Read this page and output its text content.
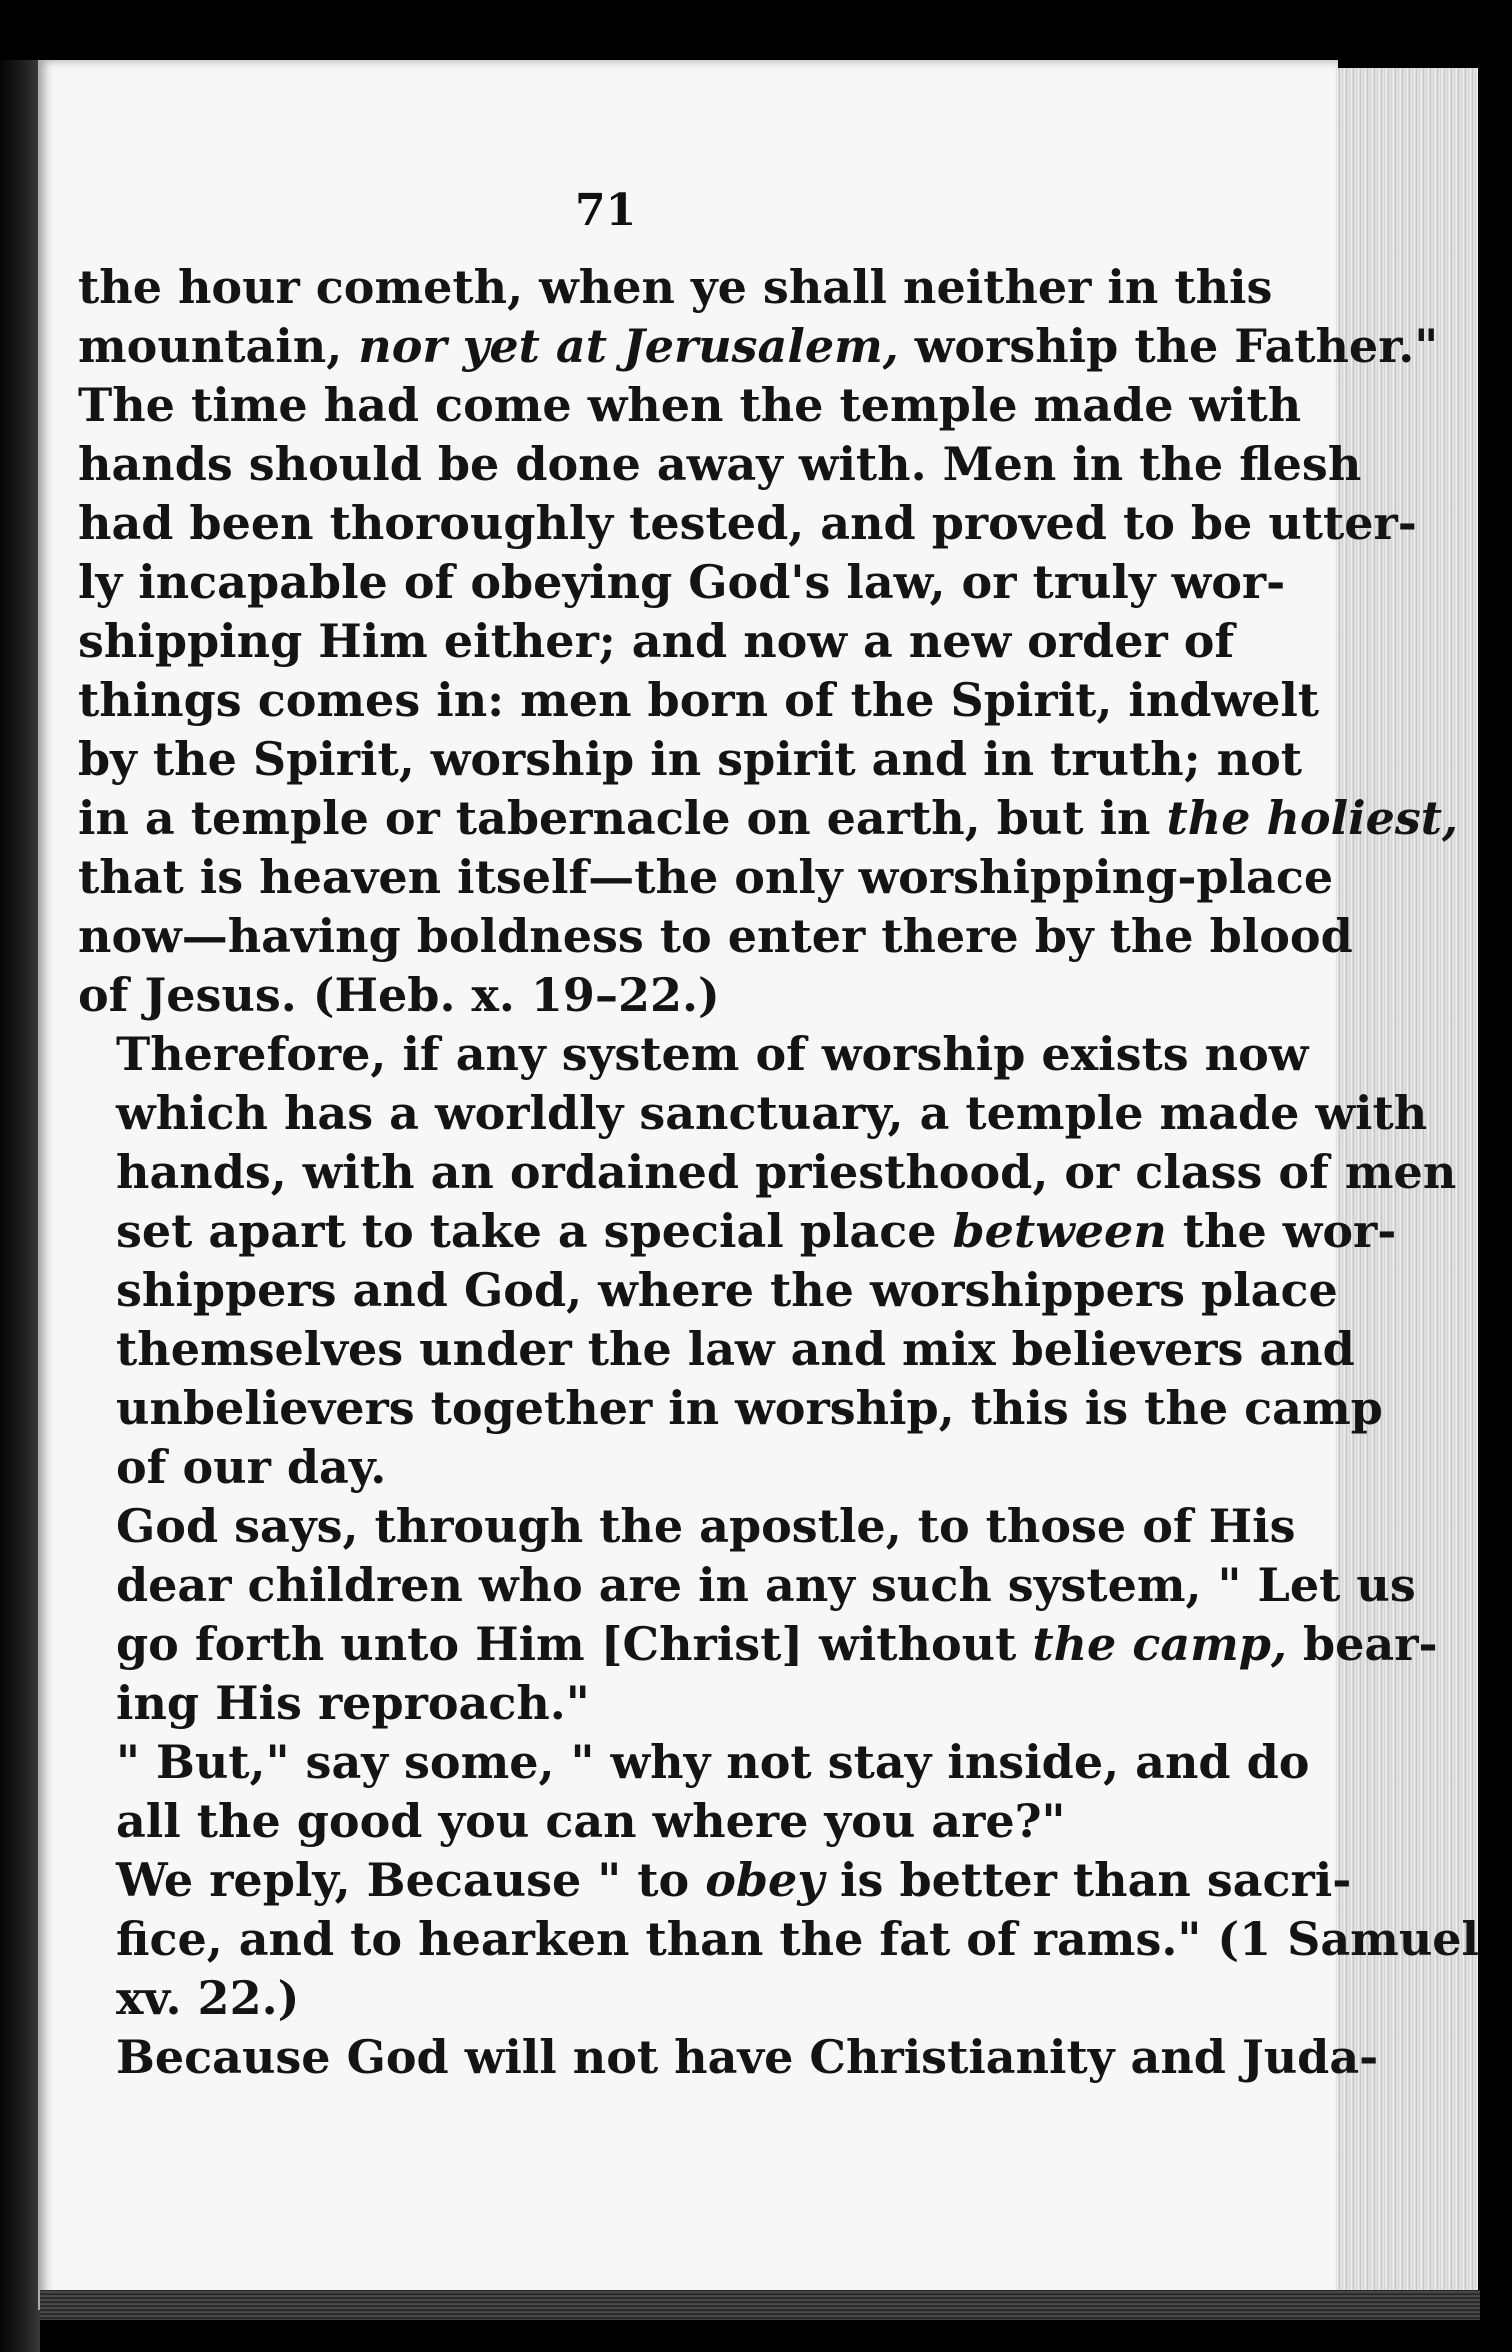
71

the hour cometh, when ye shall neither in this
mountain, nor yet at Jerusalem, worship the Father."
The time had come when the temple made with
hands should be done away with. Men in the flesh
had been thoroughly tested, and proved to be utter-
ly incapable of obeying God's law, or truly wor-
shipping Him either; and now a new order of
things comes in: men born of the Spirit, indwelt
by the Spirit, worship in spirit and in truth; not
in a temple or tabernacle on earth, but in the holiest,
that is heaven itself—the only worshipping-place
now—having boldness to enter there by the blood
of Jesus. (Heb. x. 19–22.)

Therefore, if any system of worship exists now
which has a worldly sanctuary, a temple made with
hands, with an ordained priesthood, or class of men
set apart to take a special place between the wor-
shippers and God, where the worshippers place
themselves under the law and mix believers and
unbelievers together in worship, this is the camp
of our day.

God says, through the apostle, to those of His
dear children who are in any such system, " Let us
go forth unto Him [Christ] without the camp, bear-
ing His reproach."

" But," say some, " why not stay inside, and do
all the good you can where you are?"

We reply, Because " to obey is better than sacri-
fice, and to hearken than the fat of rams." (1 Samuel
xv. 22.)

Because God will not have Christianity and Juda-
